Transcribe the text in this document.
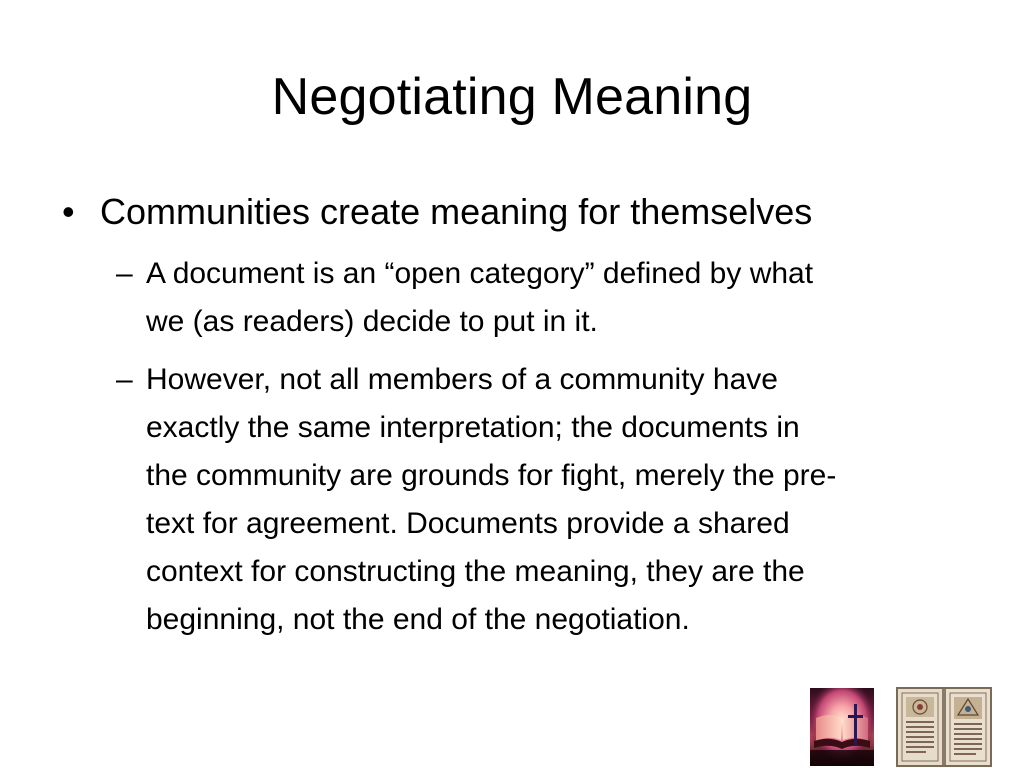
Negotiating Meaning
• Communities create meaning for themselves
– A document is an “open category” defined by what
we (as readers) decide to put in it.
– However, not all members of a community have
exactly the same interpretation; the documents in
the community are grounds for fight, merely the pre-
text for agreement. Documents provide a shared
context for constructing the meaning, they are the
beginning, not the end of the negotiation.
